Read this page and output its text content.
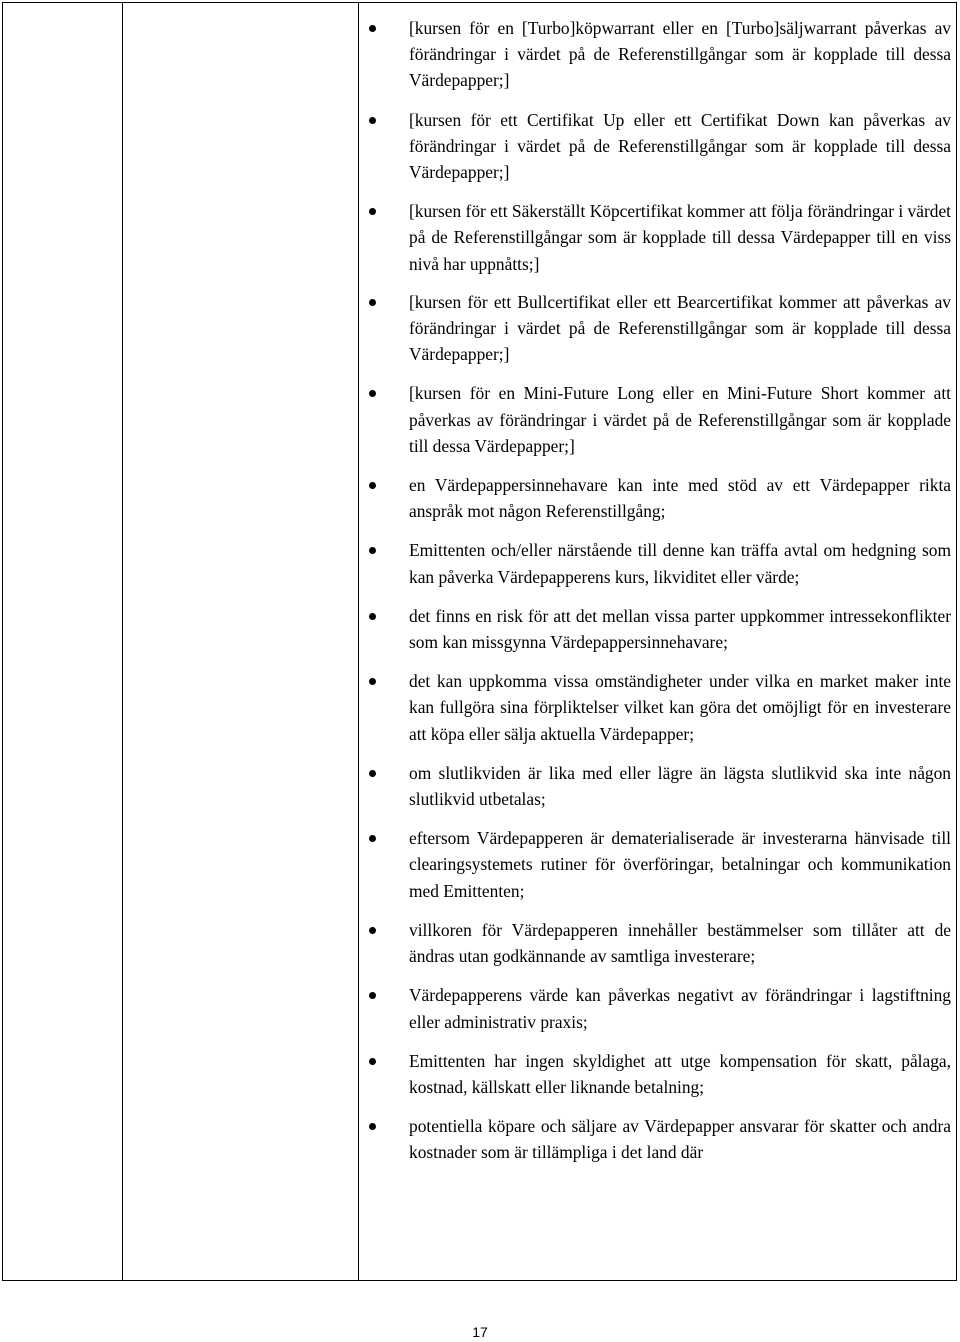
[kursen för en [Turbo]köpwarrant eller en [Turbo]säljwarrant påverkas av förändringar i värdet på de Referenstillgångar som är kopplade till dessa Värdepapper;]
[kursen för ett Certifikat Up eller ett Certifikat Down kan påverkas av förändringar i värdet på de Referenstillgångar som är kopplade till dessa Värdepapper;]
[kursen för ett Säkerställt Köpcertifikat kommer att följa förändringar i värdet på de Referenstillgångar som är kopplade till dessa Värdepapper till en viss nivå har uppnåtts;]
[kursen för ett Bullcertifikat eller ett Bearcertifikat kommer att påverkas av förändringar i värdet på de Referenstillgångar som är kopplade till dessa Värdepapper;]
[kursen för en Mini-Future Long eller en Mini-Future Short kommer att påverkas av förändringar i värdet på de Referenstillgångar som är kopplade till dessa Värdepapper;]
en Värdepappersinnehavare kan inte med stöd av ett Värdepapper rikta anspråk mot någon Referenstillgång;
Emittenten och/eller närstående till denne kan träffa avtal om hedgning som kan påverka Värdepapperens kurs, likviditet eller värde;
det finns en risk för att det mellan vissa parter uppkommer intressekonflikter som kan missgynna Värdepappersinnehavare;
det kan uppkomma vissa omständigheter under vilka en market maker inte kan fullgöra sina förpliktelser vilket kan göra det omöjligt för en investerare att köpa eller sälja aktuella Värdepapper;
om slutlikviden är lika med eller lägre än lägsta slutlikvid ska inte någon slutlikvid utbetalas;
eftersom Värdepapperen är dematerialiserade är investerarna hänvisade till clearingsystemets rutiner för överföringar, betalningar och kommunikation med Emittenten;
villkoren för Värdepapperen innehåller bestämmelser som tillåter att de ändras utan godkännande av samtliga investerare;
Värdepapperens värde kan påverkas negativt av förändringar i lagstiftning eller administrativ praxis;
Emittenten har ingen skyldighet att utge kompensation för skatt, pålaga, kostnad, källskatt eller liknande betalning;
potentiella köpare och säljare av Värdepapper ansvarar för skatter och andra kostnader som är tillämpliga i det land där
17
